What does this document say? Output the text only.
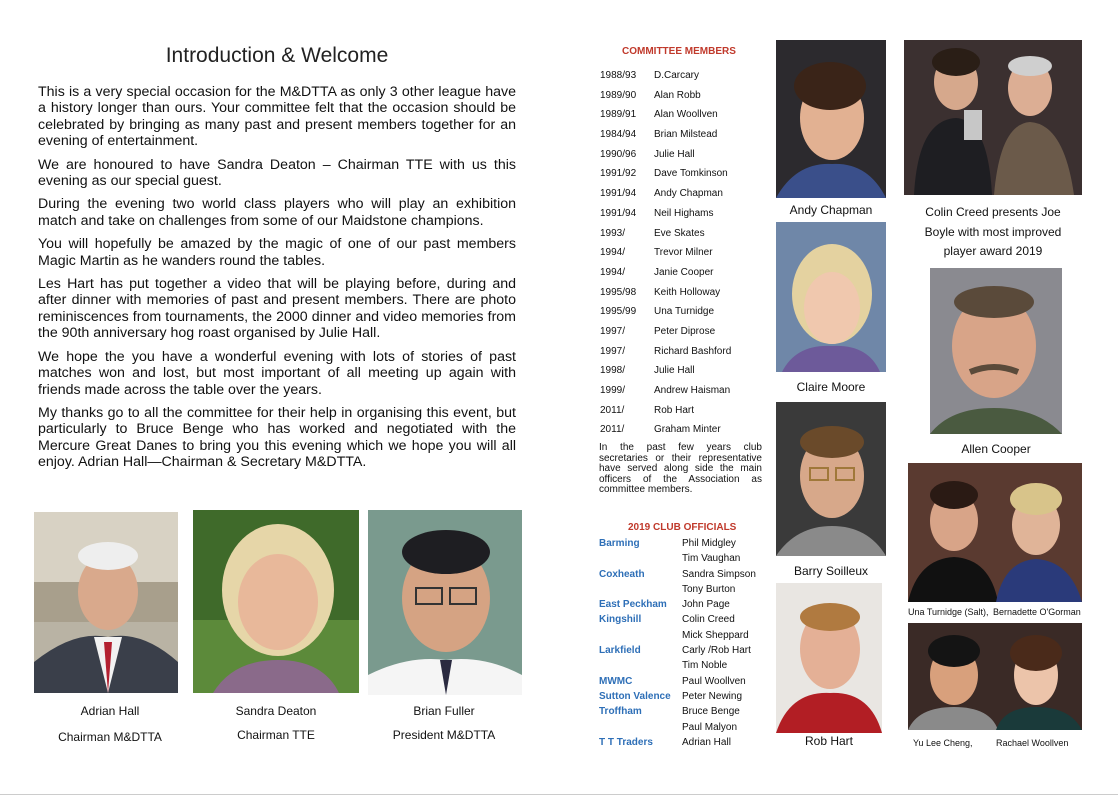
Introduction & Welcome

This is a very special occasion for the M&DTTA as only 3 other league have a history longer than ours. Your committee felt that the occasion should be celebrated by bringing as many past and present members together for an evening of entertainment.

We are honoured to have Sandra Deaton – Chairman TTE with us this evening as our special guest.

During the evening two world class players who will play an exhibition match and take on challenges from some of our Maidstone champions.

You will hopefully be amazed by the magic of one of our past members Magic Martin as he wanders round the tables.

Les Hart has put together a video that will be playing before, during and after dinner with memories of past and present members. There are photo reminiscences from tournaments, the 2000 dinner and video memories from the 90th anniversary hog roast organised by Julie Hall.

We hope the you have a wonderful evening with lots of stories of past matches won and lost, but most important of all meeting up again with friends made across the table over the years.

My thanks go to all the committee for their help in organising this event, but particularly to Bruce Benge who has worked and negotiated with the Mercure Great Danes to bring you this evening which we hope you will all enjoy. Adrian Hall—Chairman & Secretary M&DTTA.

Adrian Hall
Chairman M&DTTA
Sandra Deaton
Chairman TTE
Brian Fuller
President M&DTTA
COMMITTEE MEMBERS
1988/93	D.Carcary
1989/90	Alan Robb
1989/91	Alan Woollven
1984/94	Brian Milstead
1990/96	Julie Hall
1991/92	Dave Tomkinson
1991/94	Andy Chapman
1991/94	Neil Highams
1993/	Eve Skates
1994/	Trevor Milner
1994/	Janie Cooper
1995/98	Keith Holloway
1995/99	Una Turnidge
1997/	Peter Diprose
1997/	Richard Bashford
1998/	Julie Hall
1999/	Andrew Haisman
2011/	Rob Hart
2011/	Graham Minter
In the past few years club secretaries or their representative have served along side the main officers of the Association as committee members.
2019 CLUB OFFICIALS
Barming	Phil Midgley
Tim Vaughan
Coxheath	Sandra Simpson
Tony Burton
East Peckham	John Page
Kingshill	Colin Creed
Mick Sheppard
Larkfield	Carly /Rob Hart
Tim Noble
MWMC	Paul Woollven
Sutton Valence	Peter Newing
Troffham	Bruce Benge
Paul Malyon
T T Traders	Adrian Hall
Andy Chapman
Claire Moore
Barry Soilleux
Rob Hart
Colin Creed presents Joe
Boyle with most improved
player award 2019
Allen Cooper
Una Turnidge (Salt), Bernadette O'Gorman
Yu Lee Cheng,	Rachael Woollven
